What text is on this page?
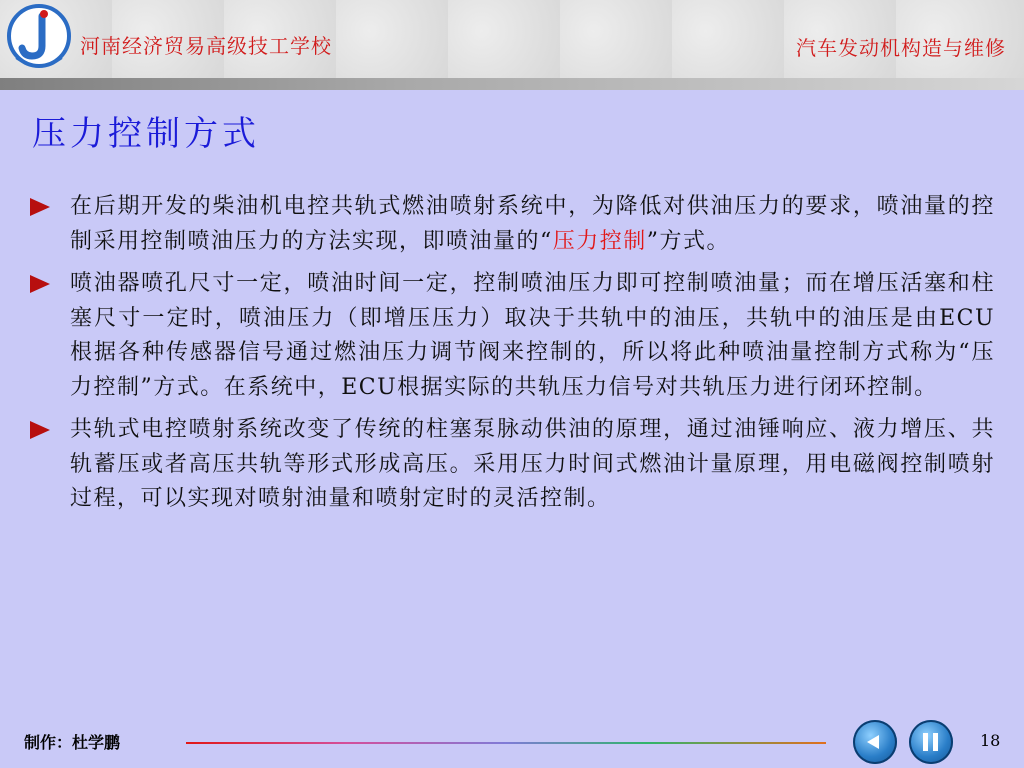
河南经济贸易高级技工学校	汽车发动机构造与维修
压力控制方式
在后期开发的柴油机电控共轨式燃油喷射系统中，为降低对供油压力的要求，喷油量的控制采用控制喷油压力的方法实现，即喷油量的“压力控制”方式。
喷油器喷孔尺寸一定，喷油时间一定，控制喷油压力即可控制喷油量；而在增压活塞和柱塞尺寸一定时，喷油压力（即增压压力）取决于共轨中的油压，共轨中的油压是由ECU根据各种传感器信号通过燃油压力调节阀来控制的，所以将此种喷油量控制方式称为“压力控制”方式。在系统中，ECU根据实际的共轨压力信号对共轨压力进行闭环控制。
共轨式电控喷射系统改变了传统的柱塞泵脉动供油的原理，通过油锤响应、液力增压、共轨蓄压或者高压共轨等形式形成高压。采用压力时间式燃油计量原理，用电磁阀控制喷射过程，可以实现对喷射油量和喷射定时的灵活控制。
制作：杜学鹏	18
